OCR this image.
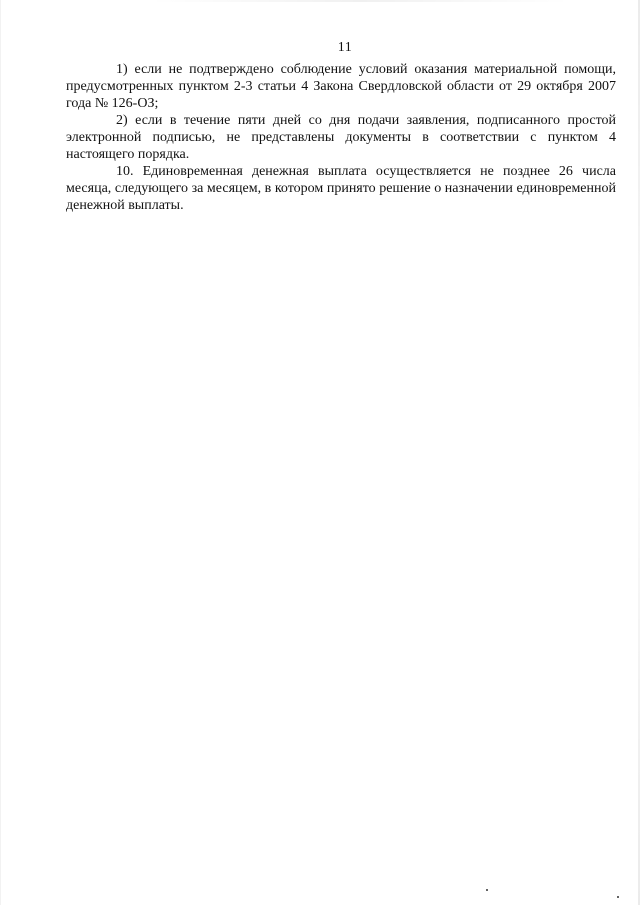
11

1) если не подтверждено соблюдение условий оказания материальной помощи, предусмотренных пунктом 2-3 статьи 4 Закона Свердловской области от 29 октября 2007 года № 126-ОЗ;

2) если в течение пяти дней со дня подачи заявления, подписанного простой электронной подписью, не представлены документы в соответствии с пунктом 4 настоящего порядка.

10. Единовременная денежная выплата осуществляется не позднее 26 числа месяца, следующего за месяцем, в котором принято решение о назначении единовременной денежной выплаты.
